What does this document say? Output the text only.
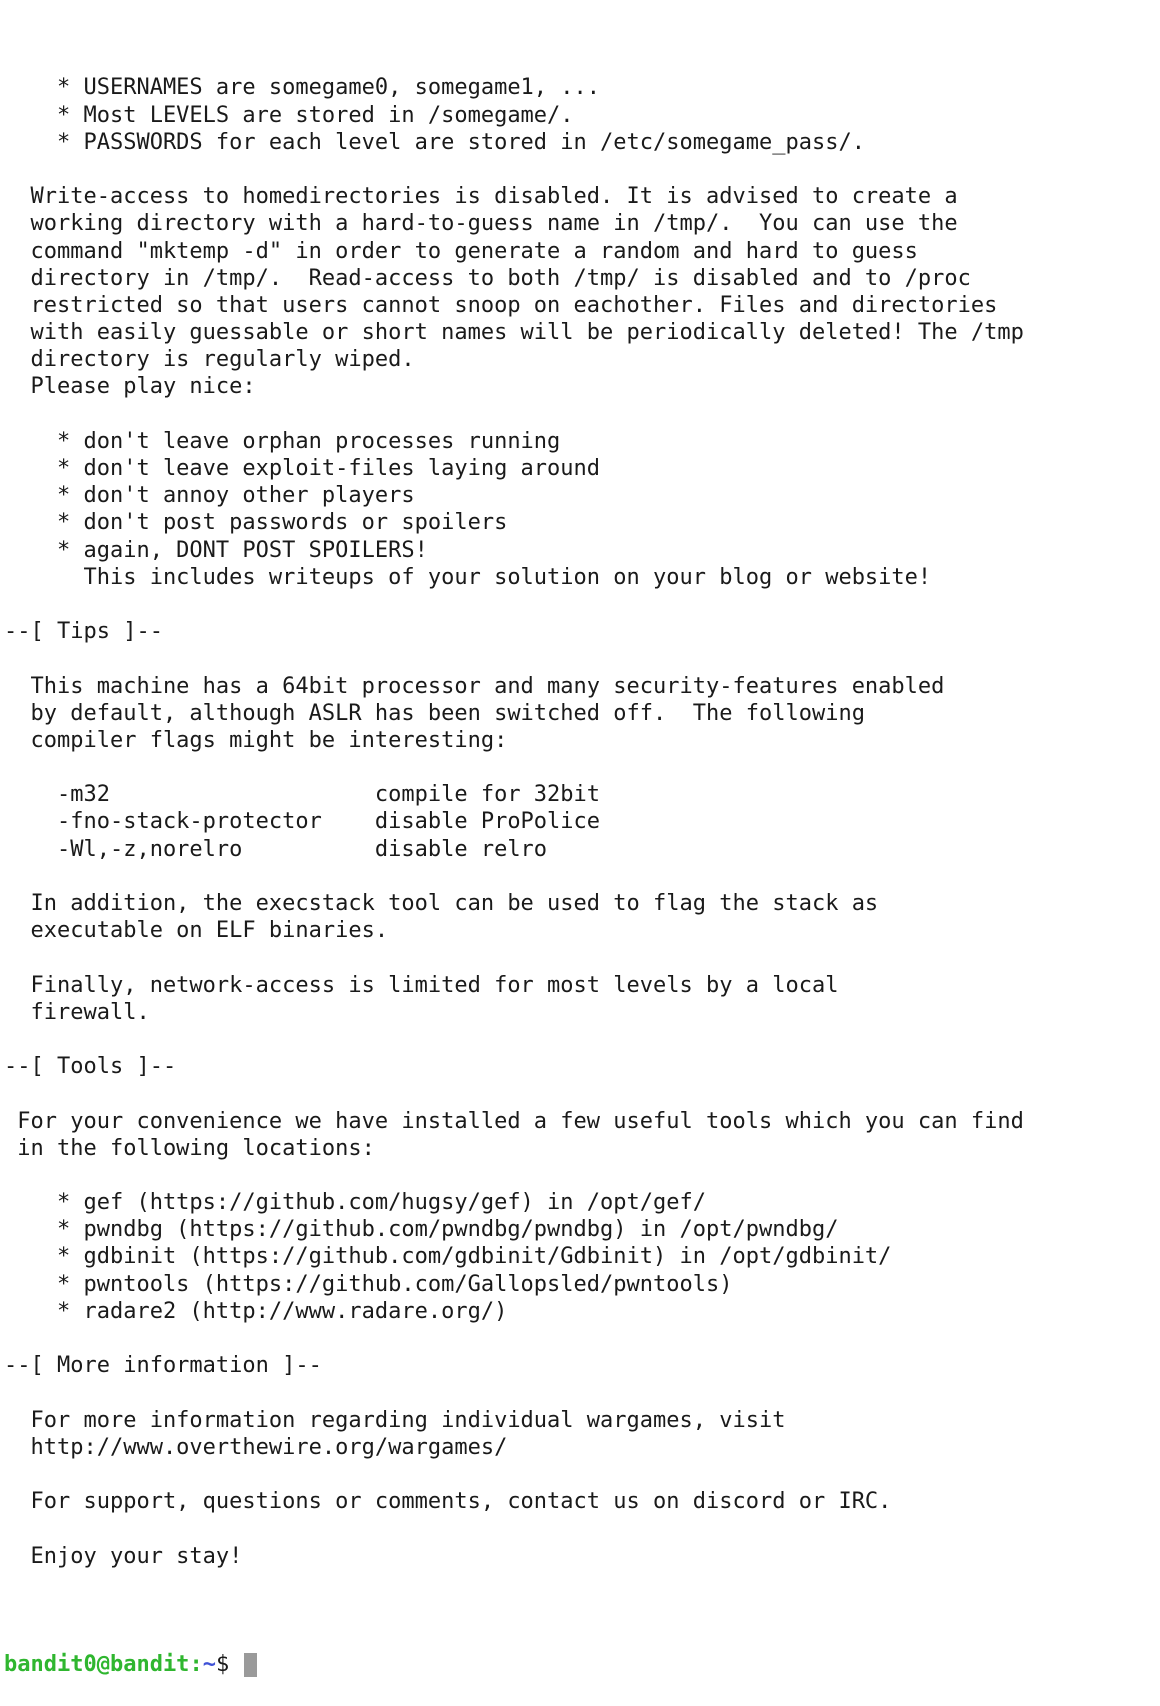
* USERNAMES are somegame0, somegame1, ...
* Most LEVELS are stored in /somegame/.
* PASSWORDS for each level are stored in /etc/somegame_pass/.
Write-access to homedirectories is disabled. It is advised to create a
working directory with a hard-to-guess name in /tmp/.  You can use the
command "mktemp -d" in order to generate a random and hard to guess
directory in /tmp/.  Read-access to both /tmp/ is disabled and to /proc
restricted so that users cannot snoop on eachother. Files and directories
with easily guessable or short names will be periodically deleted! The /tmp
directory is regularly wiped.
Please play nice:
* don't leave orphan processes running
* don't leave exploit-files laying around
* don't annoy other players
* don't post passwords or spoilers
* again, DONT POST SPOILERS!
This includes writeups of your solution on your blog or website!
--[ Tips ]--
This machine has a 64bit processor and many security-features enabled
by default, although ASLR has been switched off.  The following
compiler flags might be interesting:
-m32                    compile for 32bit
-fno-stack-protector    disable ProPolice
-Wl,-z,norelro          disable relro
In addition, the execstack tool can be used to flag the stack as
executable on ELF binaries.
Finally, network-access is limited for most levels by a local
firewall.
--[ Tools ]--
For your convenience we have installed a few useful tools which you can find
in the following locations:
* gef (https://github.com/hugsy/gef) in /opt/gef/
* pwndbg (https://github.com/pwndbg/pwndbg) in /opt/pwndbg/
* gdbinit (https://github.com/gdbinit/Gdbinit) in /opt/gdbinit/
* pwntools (https://github.com/Gallopsled/pwntools)
* radare2 (http://www.radare.org/)
--[ More information ]--
For more information regarding individual wargames, visit
http://www.overthewire.org/wargames/
For support, questions or comments, contact us on discord or IRC.
Enjoy your stay!

bandit0@bandit : ~ $
